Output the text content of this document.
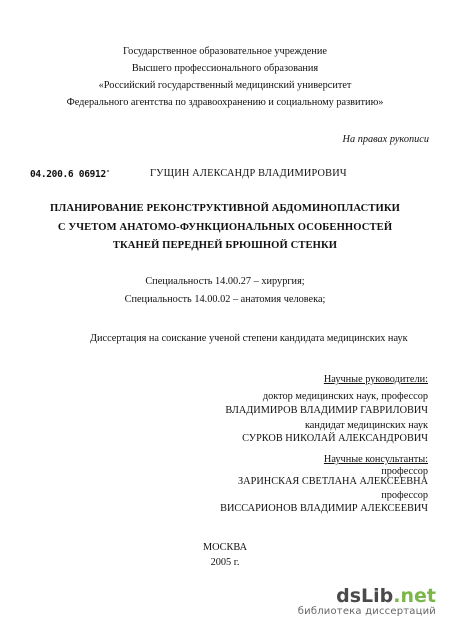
Государственное образовательное учреждение
Высшего профессионального образования
«Российский государственный медицинский университет
Федерального агентства по здравоохранению и социальному развитию»
На правах рукописи
04.200.6 06912-	ГУЩИН АЛЕКСАНДР ВЛАДИМИРОВИЧ
ПЛАНИРОВАНИЕ РЕКОНСТРУКТИВНОЙ АБДОМИНОПЛАСТИКИ
С УЧЕТОМ АНАТОМО-ФУНКЦИОНАЛЬНЫХ ОСОБЕННОСТЕЙ
ТКАНЕЙ ПЕРЕДНЕЙ БРЮШНОЙ СТЕНКИ
Специальность 14.00.27 – хирургия;
Специальность 14.00.02 – анатомия человека;
Диссертация на соискание ученой степени кандидата медицинских наук
Научные руководители:
доктор медицинских наук, профессор
ВЛАДИМИРОВ ВЛАДИМИР ГАВРИЛОВИЧ
кандидат медицинских наук
СУРКОВ НИКОЛАЙ АЛЕКСАНДРОВИЧ
Научные консультанты:
ЗАРИНСКАЯ СВЕТЛАНА АЛЕКСЕЕВНА
профессор
ВИССАРИОНОВ ВЛАДИМИР АЛЕКСЕЕВИЧ
профессор
МОСКВА
2005 г.
dsLib.net
библиотека диссертаций
